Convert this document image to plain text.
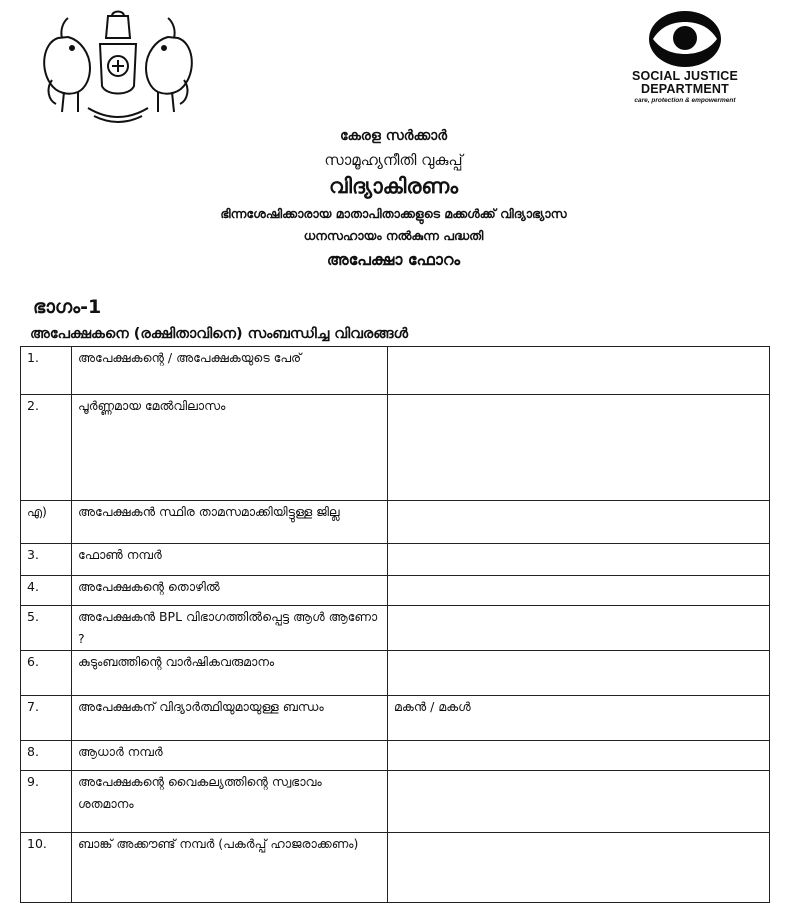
SOCIAL JUSTICE
DEPARTMENT
care, protection & empowerment
കേരള സർക്കാർ
സാമൂഹ്യനീതി വുകുപ്പ്
വിദ്യാകിരണം
ഭിന്നശേഷിക്കാരായ മാതാപിതാക്കളുടെ മക്കൾക്ക് വിദ്യാഭ്യാസ
ധനസഹായം നൽകുന്ന പദ്ധതി
അപേക്ഷാ ഫോറം
ഭാഗം-1
അപേക്ഷകനെ (രക്ഷിതാവിനെ) സംബന്ധിച്ച വിവരങ്ങൾ
1.	അപേക്ഷകന്റെ / അപേക്ഷകയുടെ പേര്	
2.	പൂർണ്ണമായ മേൽവിലാസം	
എ)	അപേക്ഷകൻ സ്ഥിര താമസമാക്കിയിട്ടുള്ള ജില്ല	
3.	ഫോൺ നമ്പർ	
4.	അപേക്ഷകന്റെ തൊഴിൽ	
5.	അപേക്ഷകൻ BPL വിഭാഗത്തിൽപ്പെട്ട ആൾ ആണോ ?	
6.	കുടുംബത്തിന്റെ വാർഷികവരുമാനം	
7.	അപേക്ഷകന് വിദ്യാർത്ഥിയുമായുള്ള ബന്ധം	മകൻ / മകൾ
8.	ആധാർ നമ്പർ	
9.	അപേക്ഷകന്റെ വൈകല്യത്തിന്റെ സ്വഭാവം ശതമാനം	
10.	ബാങ്ക് അക്കൗണ്ട് നമ്പർ (പകർപ്പ് ഹാജരാക്കണം)	
